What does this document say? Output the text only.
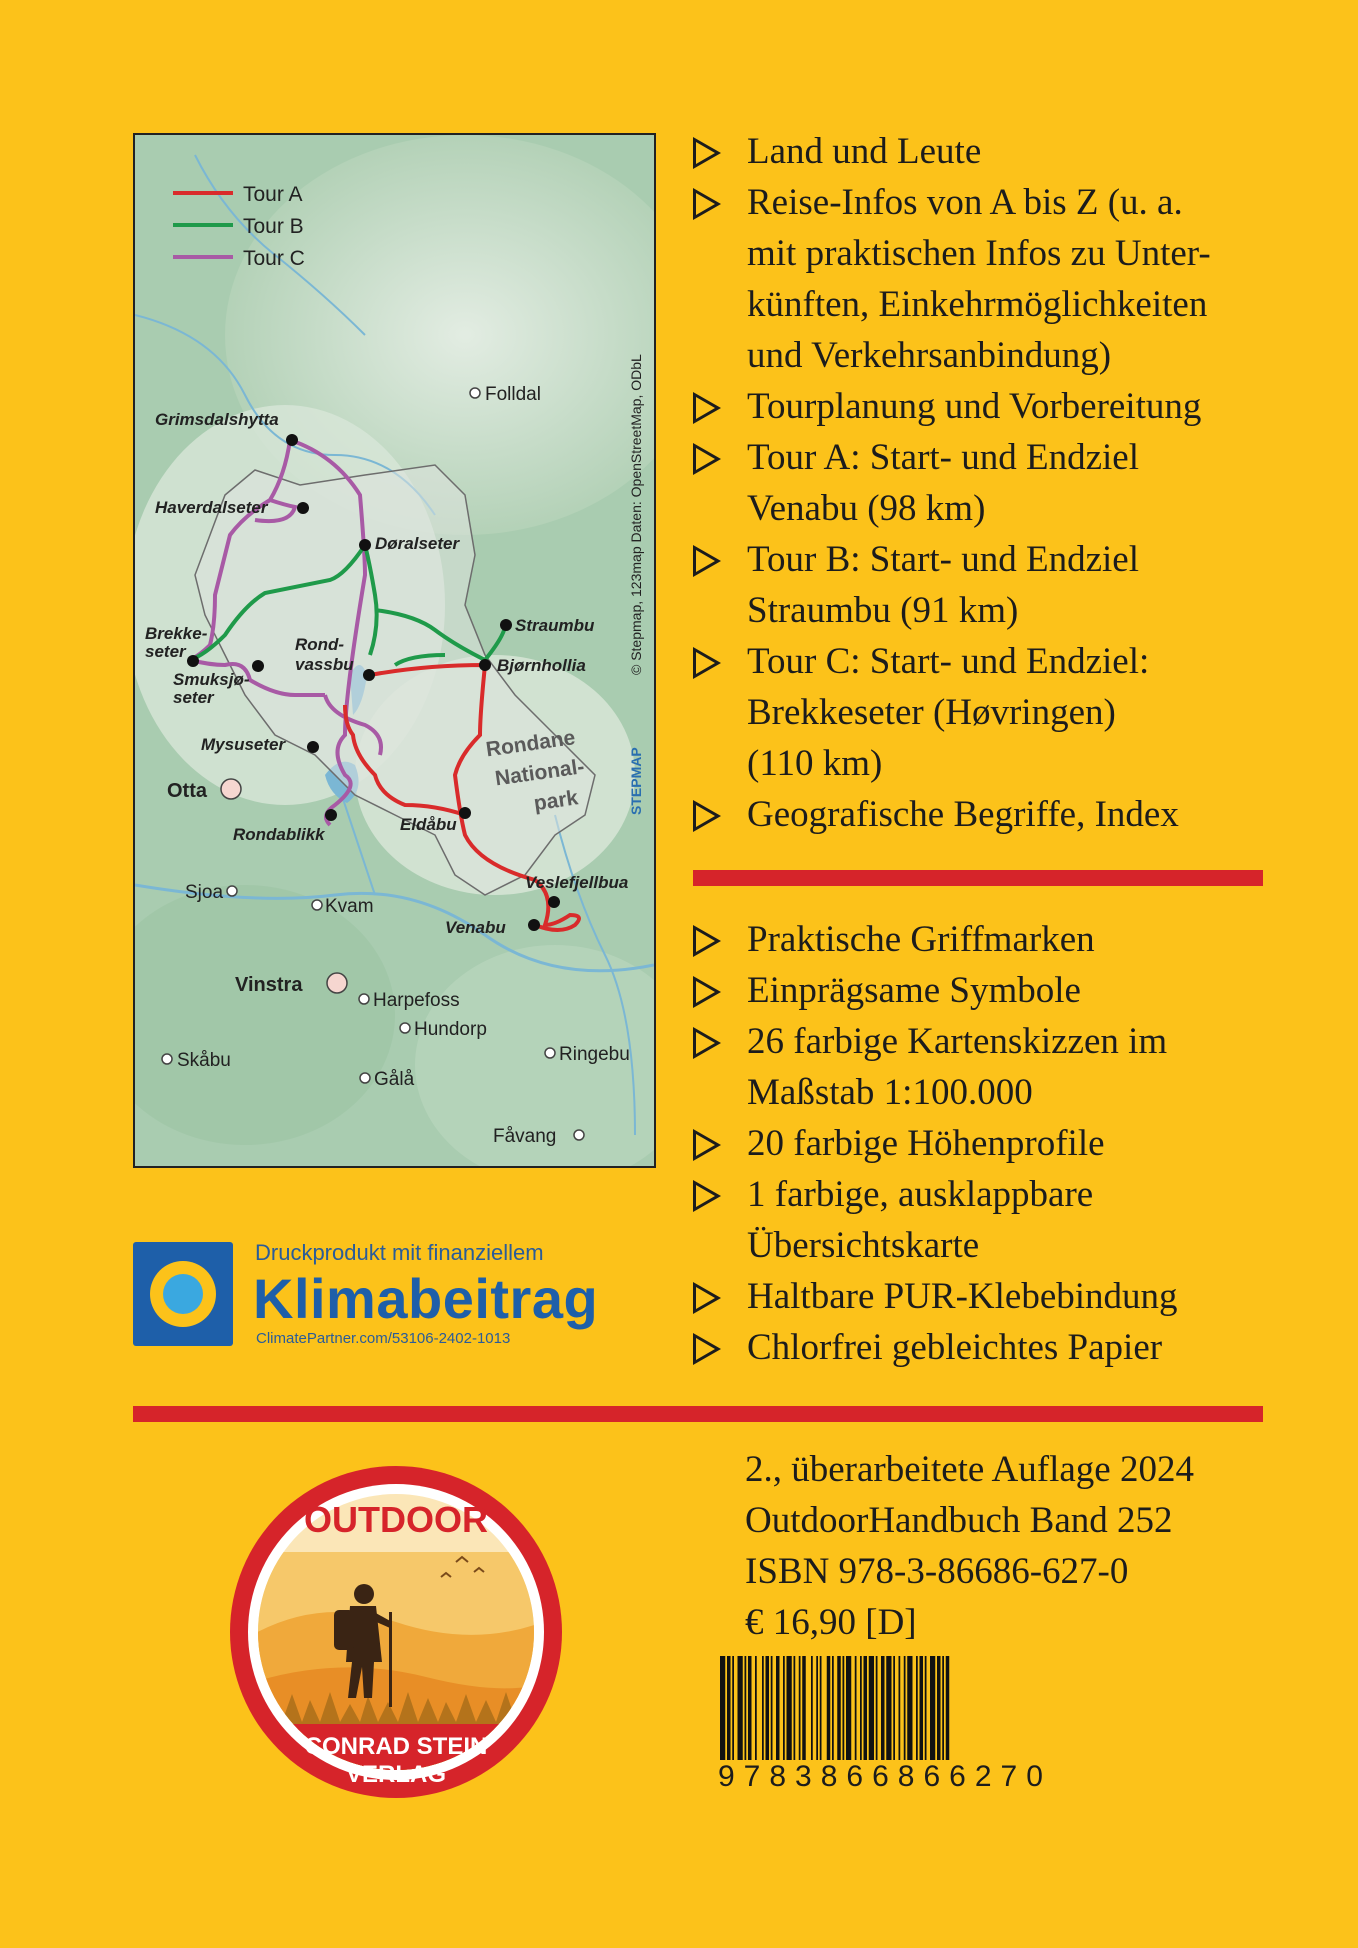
Tour A
Tour B
Tour C
© Stepmap, 123map Daten: OpenStreetMap, ODbL
STEPMAP
Folldal
Grimsdalshytta
Haverdalseter
Døralseter
Straumbu
Bjørnhollia
Brekke-
seter	Rond-
vassbu
Smuksjø-
seter
Mysuseter
Otta
Eldåbu
Rondablikk
Sjoa
Kvam
Veslefjellbua
Venabu
Vinstra
Harpefoss
Hundorp
Skåbu	Ringebu
Gålå
Fåvang
Rondane
National-
park
Land und Leute
Reise-Infos von A bis Z (u. a.
mit praktischen Infos zu Unter-
künften, Einkehrmöglichkeiten
und Verkehrsanbindung)
Tourplanung und Vorbereitung
Tour A: Start- und Endziel
Venabu (98 km)
Tour B: Start- und Endziel
Straumbu (91 km)
Tour C: Start- und Endziel:
Brekkeseter (Høvringen)
(110 km)
Geografische Begriffe, Index
Praktische Griffmarken
Einprägsame Symbole
26 farbige Kartenskizzen im
Maßstab 1:100.000
20 farbige Höhenprofile
1 farbige, ausklappbare
Übersichtskarte
Haltbare PUR-Klebebindung
Chlorfrei gebleichtes Papier
Druckprodukt mit finanziellem
Klimabeitrag
ClimatePartner.com/53106-2402-1013
OUTDOOR
CONRAD STEIN
VERLAG
2., überarbeitete Auflage 2024
OutdoorHandbuch Band 252
ISBN 978-3-86686-627-0
€ 16,90 [D]
9783866866270
